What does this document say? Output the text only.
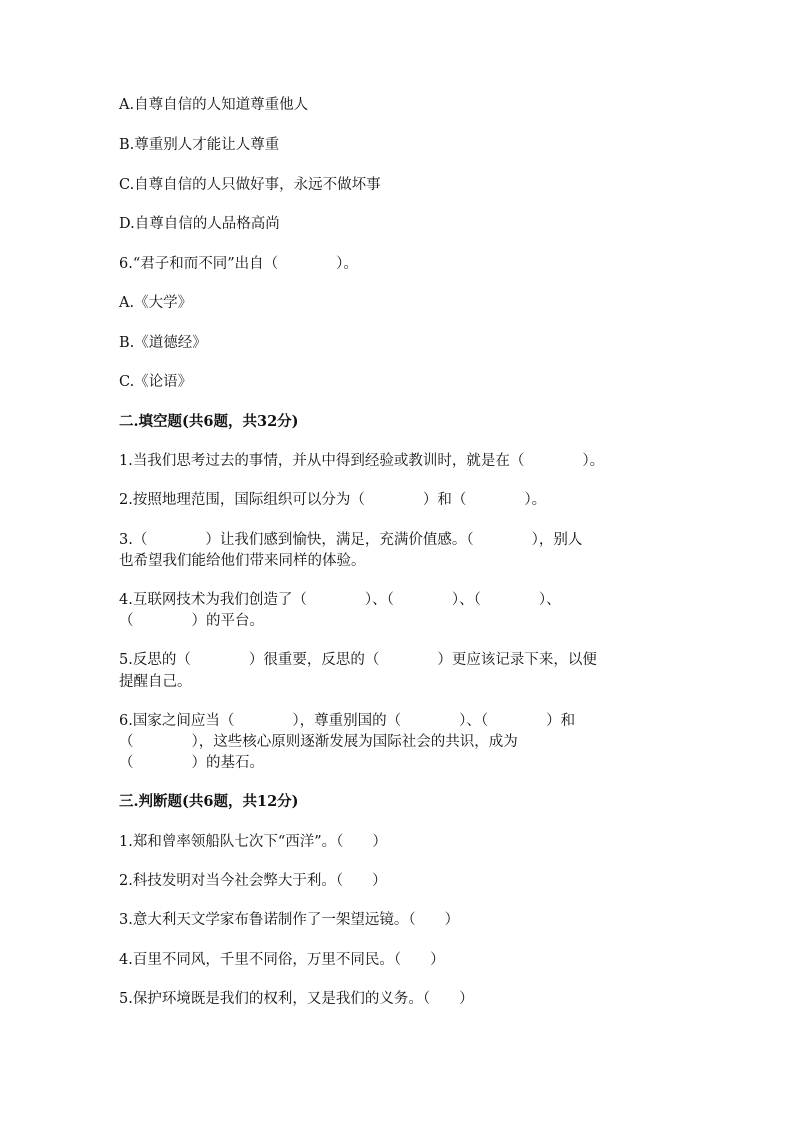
A.自尊自信的人知道尊重他人
B.尊重别人才能让人尊重
C.自尊自信的人只做好事，永远不做坏事
D.自尊自信的人品格高尚
6.“君子和而不同”出自（　　　　）。
A.《大学》
B.《道德经》
C.《论语》
二.填空题(共6题，共32分)
1.当我们思考过去的事情，并从中得到经验或教训时，就是在（　　　　）。
2.按照地理范围，国际组织可以分为（　　　　）和（　　　　）。
3.（　　　　）让我们感到愉快，满足，充满价值感。（　　　　），别人
也希望我们能给他们带来同样的体验。
4.互联网技术为我们创造了（　　　　）、（　　　　）、（　　　　）、
（　　　　）的平台。
5.反思的（　　　　）很重要，反思的（　　　　）更应该记录下来，以便
提醒自己。
6.国家之间应当（　　　　），尊重别国的（　　　　）、（　　　　）和
（　　　　），这些核心原则逐渐发展为国际社会的共识，成为
（　　　　）的基石。
三.判断题(共6题，共12分)
1.郑和曾率领船队七次下“西洋”。（　　）
2.科技发明对当今社会弊大于利。（　　）
3.意大利天文学家布鲁诺制作了一架望远镜。（　　）
4.百里不同风，千里不同俗，万里不同民。（　　）
5.保护环境既是我们的权利，又是我们的义务。（　　）
